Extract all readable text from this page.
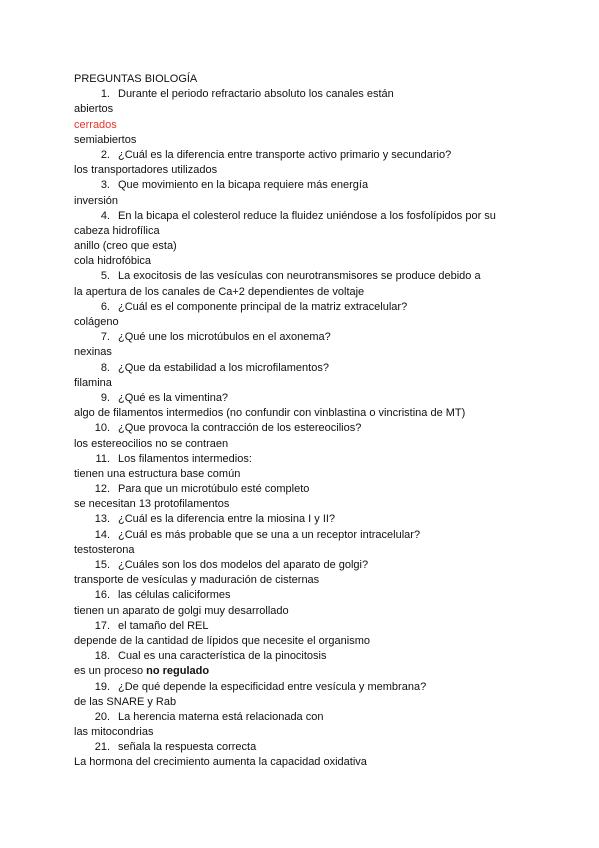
PREGUNTAS BIOLOGÍA
1. Durante el periodo refractario absoluto los canales están
abiertos
cerrados
semiabiertos
2. ¿Cuál es la diferencia entre transporte activo primario y secundario?
los transportadores utilizados
3. Que movimiento en la bicapa requiere más energía
inversión
4. En la bicapa el colesterol reduce la fluidez uniéndose a los fosfolípidos por su
cabeza hidrofílica
anillo (creo que esta)
cola hidrofóbica
5. La exocitosis de las vesículas con neurotransmisores se produce debido a
la apertura de los canales de Ca+2 dependientes de voltaje
6. ¿Cuál es el componente principal de la matriz extracelular?
colágeno
7. ¿Qué une los microtúbulos en el axonema?
nexinas
8. ¿Que da estabilidad a los microfilamentos?
filamina
9. ¿Qué es la vimentina?
algo de filamentos intermedios (no confundir con vinblastina o vincristina de MT)
10. ¿Que provoca la contracción de los estereocilios?
los estereocilios no se contraen
11. Los filamentos intermedios:
tienen una estructura base común
12. Para que un microtúbulo esté completo
se necesitan 13 protofilamentos
13. ¿Cuál es la diferencia entre la miosina I y II?
14. ¿Cuál es más probable que se una a un receptor intracelular?
testosterona
15. ¿Cuáles son los dos modelos del aparato de golgi?
transporte de vesículas y maduración de cisternas
16. las células caliciformes
tienen un aparato de golgi muy desarrollado
17. el tamaño del REL
depende de la cantidad de lípidos que necesite el organismo
18. Cual es una característica de la pinocitosis
es un proceso no regulado
19. ¿De qué depende la especificidad entre vesícula y membrana?
de las SNARE y Rab
20. La herencia materna está relacionada con
las mitocondrias
21. señala la respuesta correcta
La hormona del crecimiento aumenta la capacidad oxidativa
